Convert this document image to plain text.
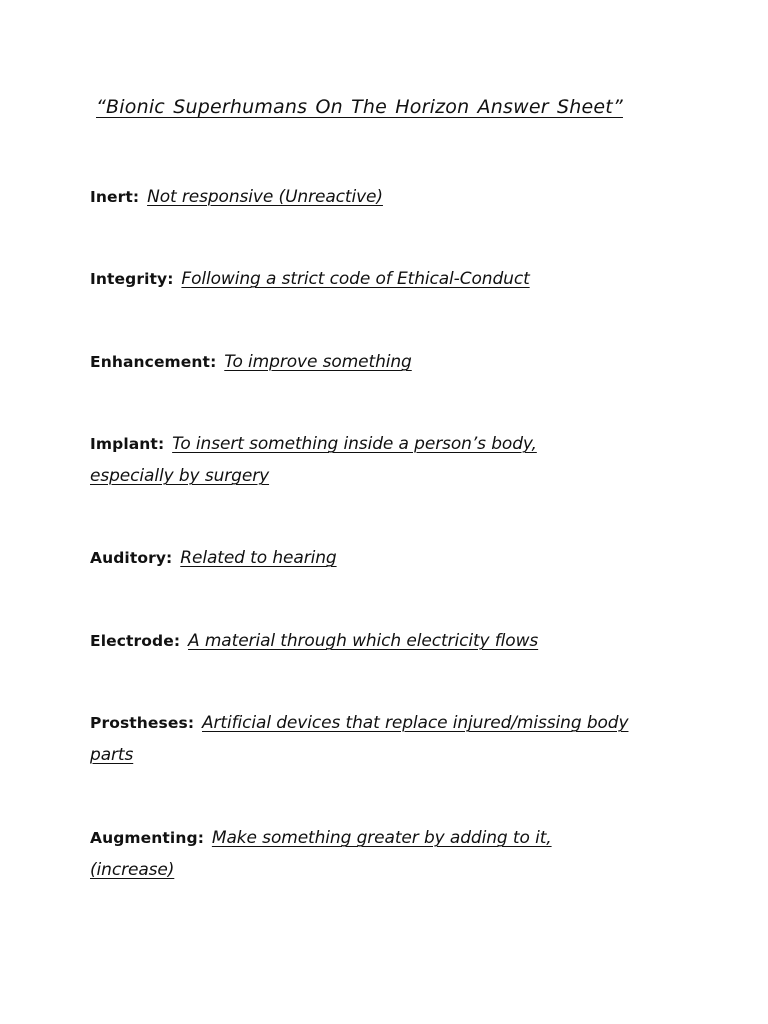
“Bionic Superhumans On The Horizon Answer Sheet”
Inert: Not responsive (Unreactive)
Integrity: Following a strict code of Ethical-Conduct
Enhancement: To improve something
Implant: To insert something inside a person’s body, especially by surgery
Auditory: Related to hearing
Electrode: A material through which electricity flows
Prostheses: Artificial devices that replace injured/missing body parts
Augmenting: Make something greater by adding to it, (increase)
